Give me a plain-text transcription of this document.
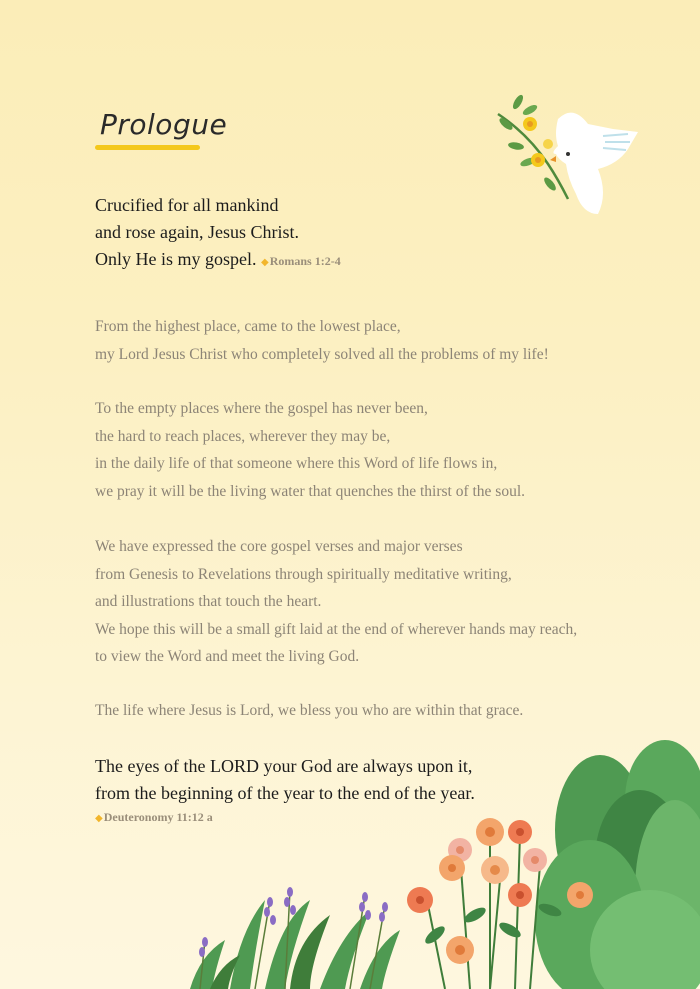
Prologue
Crucified for all mankind
and rose again, Jesus Christ.
Only He is my gospel. ◆Romans 1:2-4
From the highest place, came to the lowest place,
my Lord Jesus Christ who completely solved all the problems of my life!
To the empty places where the gospel has never been,
the hard to reach places, wherever they may be,
in the daily life of that someone where this Word of life flows in,
we pray it will be the living water that quenches the thirst of the soul.
We have expressed the core gospel verses and major verses
from Genesis to Revelations through spiritually meditative writing,
and illustrations that touch the heart.
We hope this will be a small gift laid at the end of wherever hands may reach,
to view the Word and meet the living God.
The life where Jesus is Lord, we bless you who are within that grace.
The eyes of the LORD your God are always upon it,
from the beginning of the year to the end of the year.
◆Deuteronomy 11:12 a
